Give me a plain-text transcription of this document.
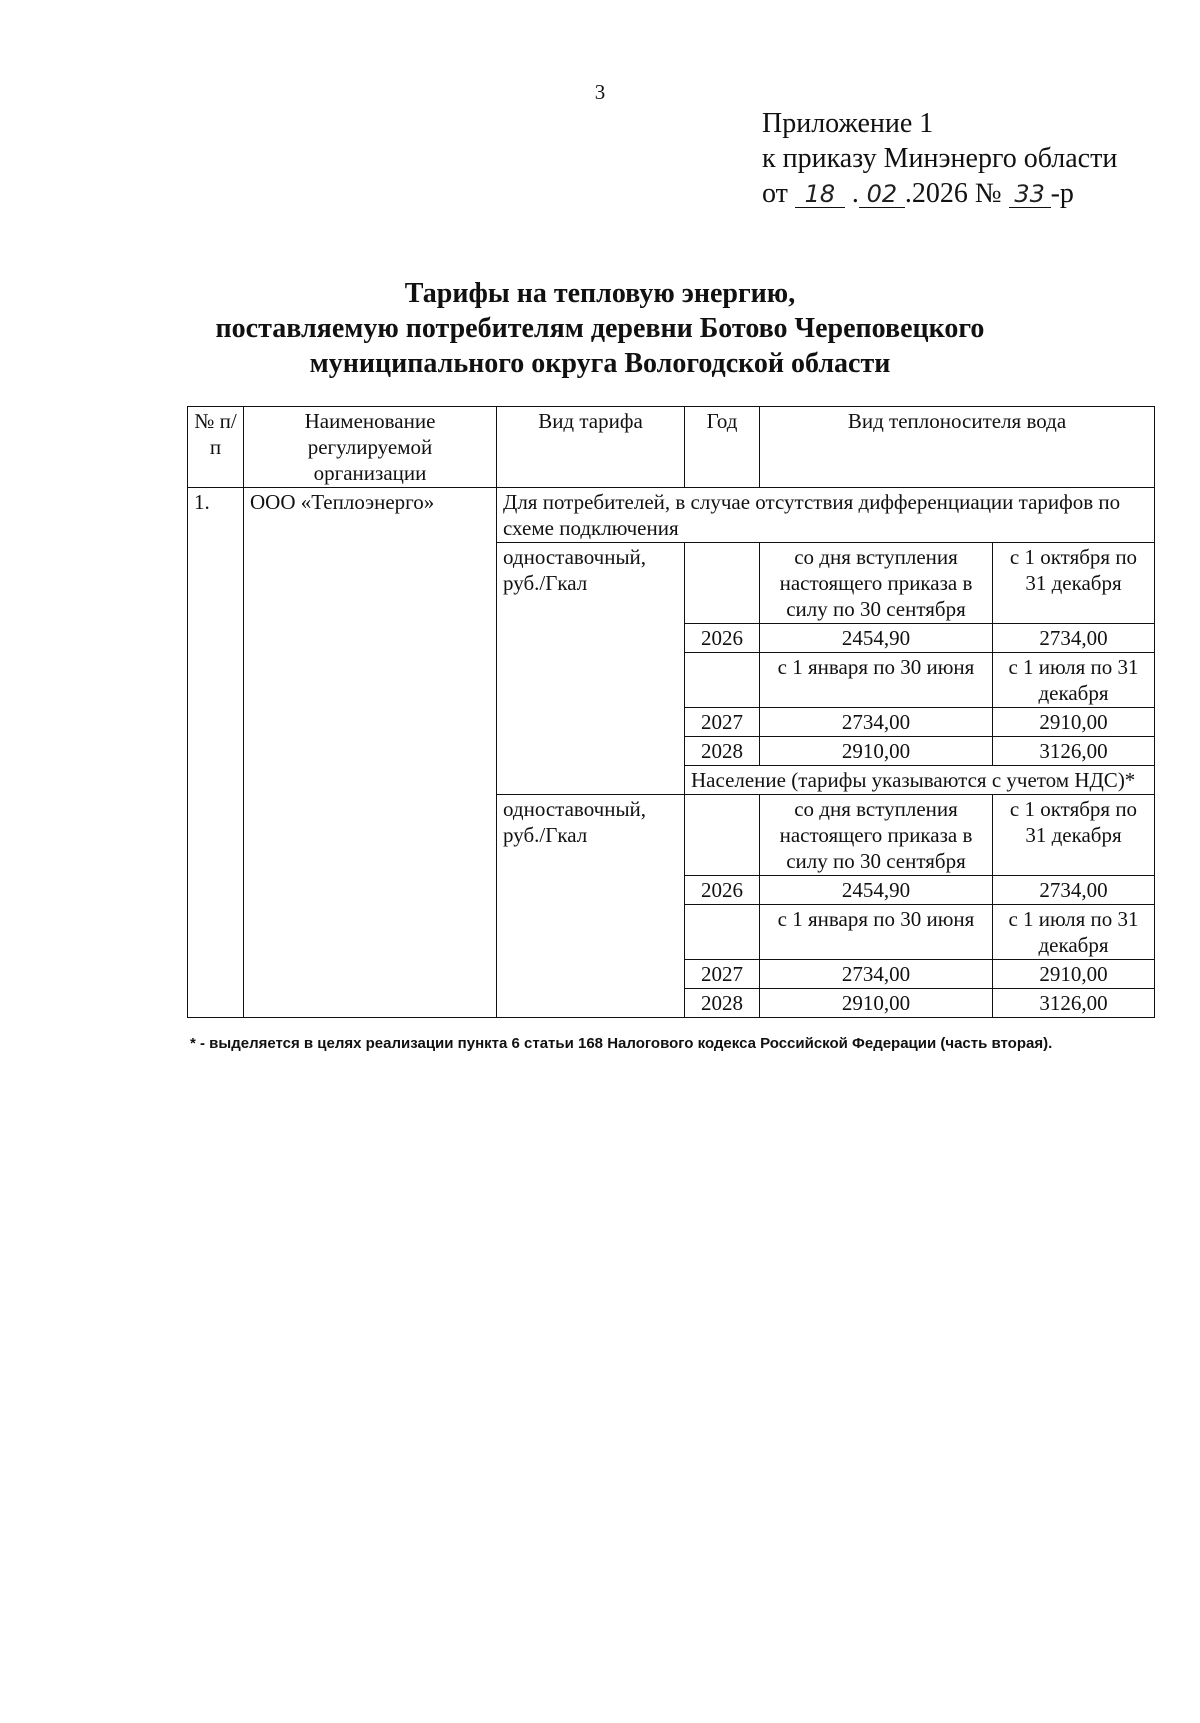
3
Приложение 1
к приказу Минэнерго области
от 18 . 02 .2026 № 33 -р
Тарифы на тепловую энергию,
поставляемую потребителям деревни Ботово Череповецкого
муниципального округа Вологодской области
№ п/п	Наименование регулируемой организации	Вид тарифа	Год	Вид теплоносителя вода	
1.	ООО «Теплоэнерго»	Для потребителей, в случае отсутствия дифференциации тарифов по схеме подключения			
		одноставочный, руб./Гкал		со дня вступления настоящего приказа в силу по 30 сентября	с 1 октября по 31 декабря
			2026	2454,90	2734,00
				с 1 января по 30 июня	с 1 июля по 31 декабря
			2027	2734,00	2910,00
			2028	2910,00	3126,00
			Население (тарифы указываются с учетом НДС)*		
		одноставочный, руб./Гкал		со дня вступления настоящего приказа в силу по 30 сентября	с 1 октября по 31 декабря
			2026	2454,90	2734,00
				с 1 января по 30 июня	с 1 июля по 31 декабря
			2027	2734,00	2910,00
			2028	2910,00	3126,00
* - выделяется в целях реализации пункта 6 статьи 168 Налогового кодекса Российской Федерации (часть вторая).
